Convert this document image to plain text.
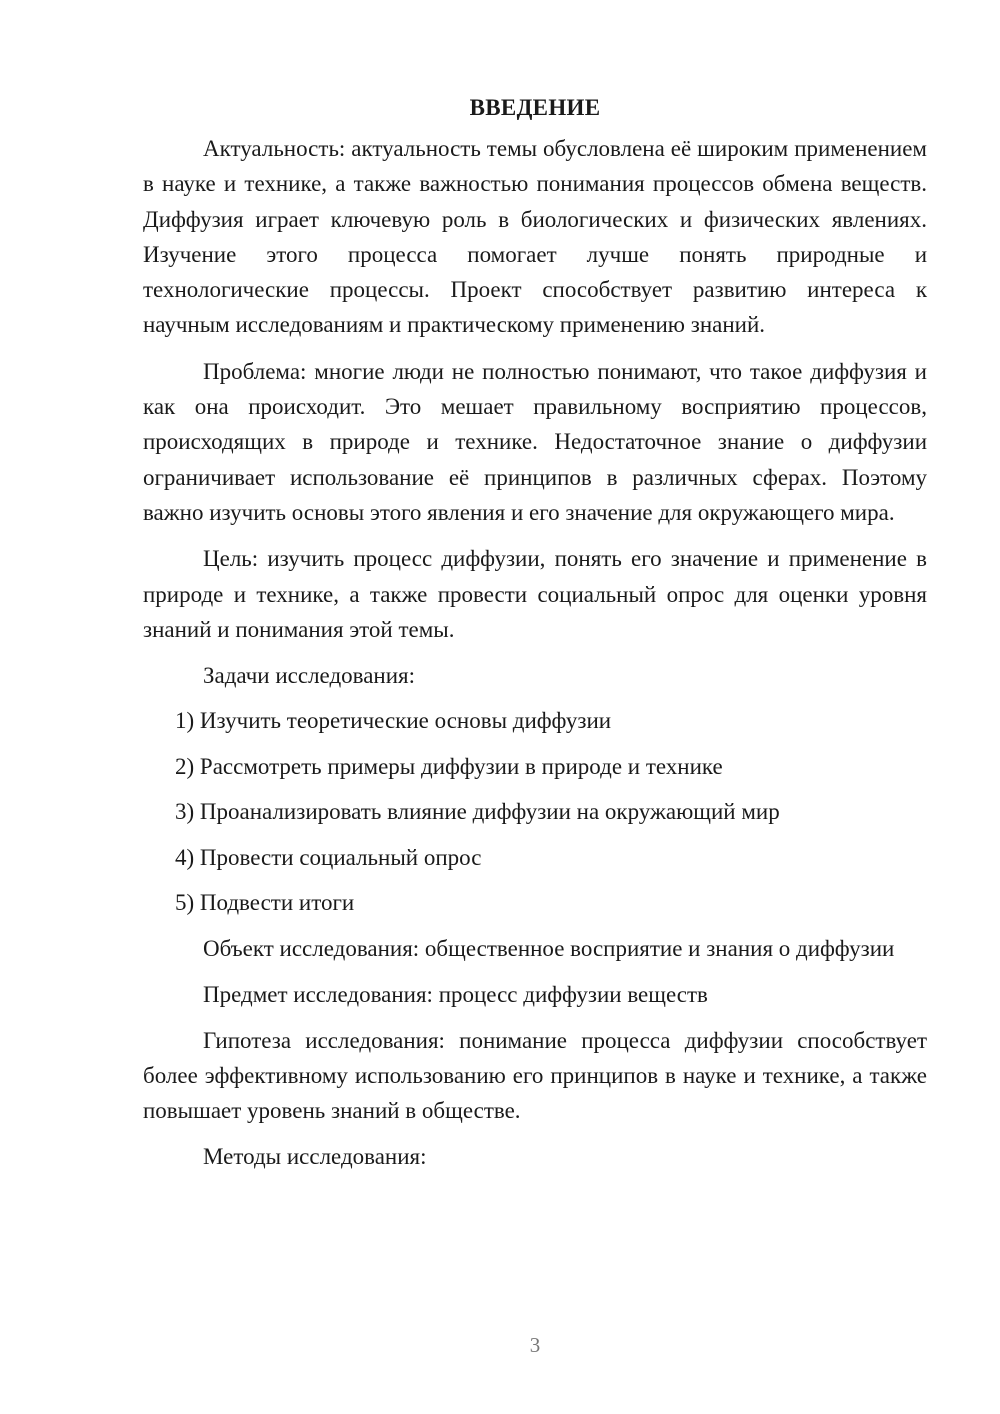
ВВЕДЕНИЕ

Актуальность: актуальность темы обусловлена её широким применением в науке и технике, а также важностью понимания процессов обмена веществ. Диффузия играет ключевую роль в биологических и физических явлениях. Изучение этого процесса помогает лучше понять природные и технологические процессы. Проект способствует развитию интереса к научным исследованиям и практическому применению знаний.

Проблема: многие люди не полностью понимают, что такое диффузия и как она происходит. Это мешает правильному восприятию процессов, происходящих в природе и технике. Недостаточное знание о диффузии ограничивает использование её принципов в различных сферах. Поэтому важно изучить основы этого явления и его значение для окружающего мира.

Цель: изучить процесс диффузии, понять его значение и применение в природе и технике, а также провести социальный опрос для оценки уровня знаний и понимания этой темы.

Задачи исследования:

1) Изучить теоретические основы диффузии
2) Рассмотреть примеры диффузии в природе и технике
3) Проанализировать влияние диффузии на окружающий мир
4) Провести социальный опрос
5) Подвести итоги

Объект исследования: общественное восприятие и знания о диффузии

Предмет исследования: процесс диффузии веществ

Гипотеза исследования: понимание процесса диффузии способствует более эффективному использованию его принципов в науке и технике, а также повышает уровень знаний в обществе.

Методы исследования:

3
